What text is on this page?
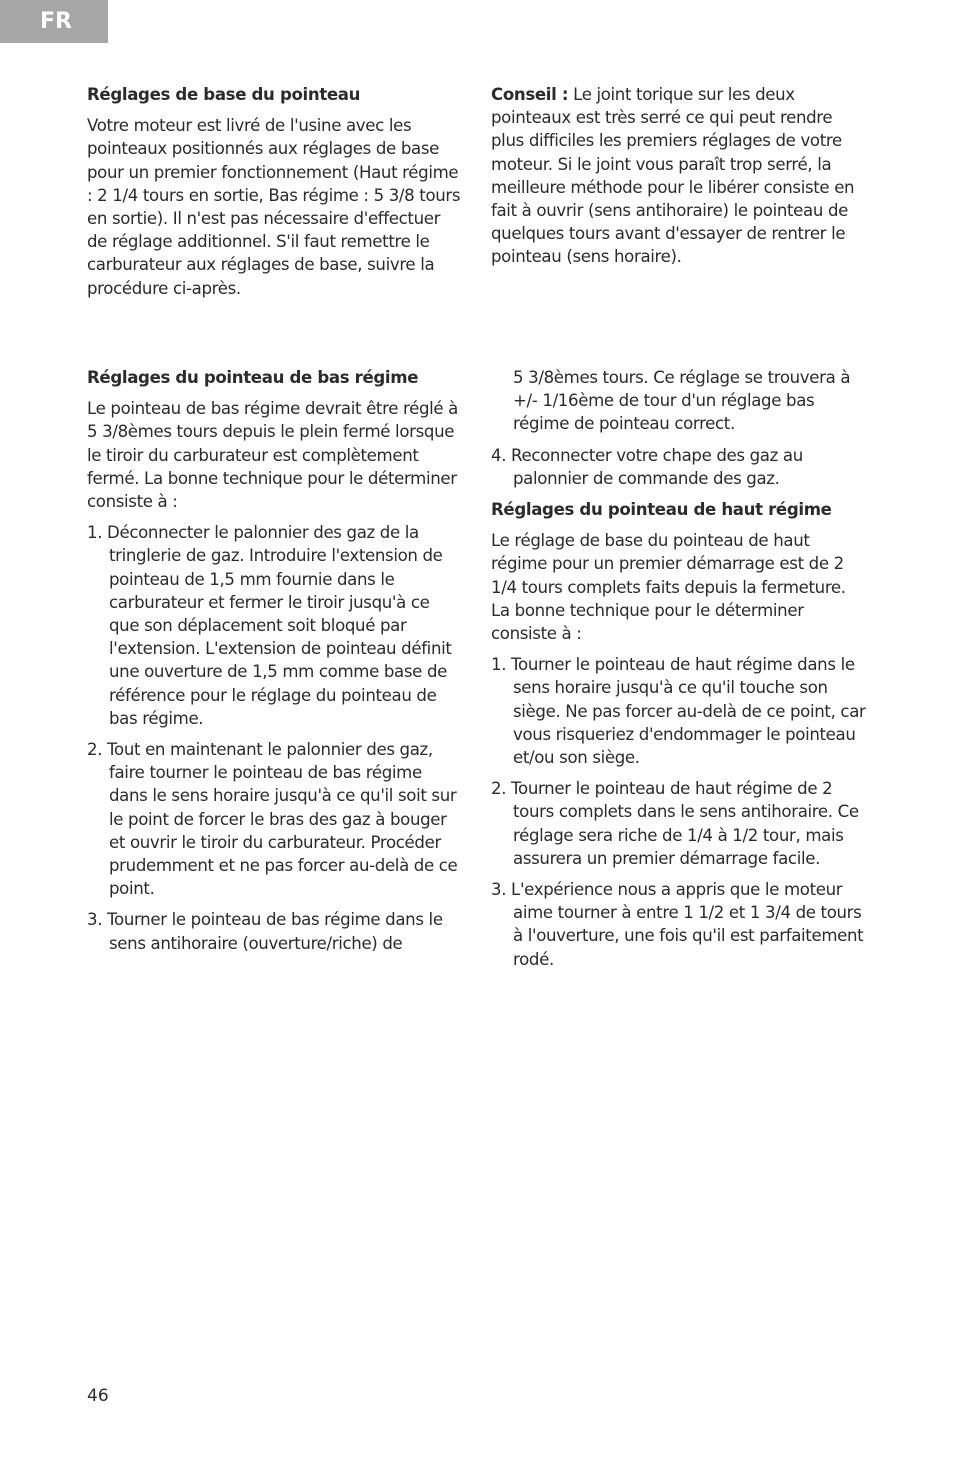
FR
Réglages de base du pointeau

Votre moteur est livré de l'usine avec les pointeaux positionnés aux réglages de base pour un premier fonctionnement (Haut régime : 2 1/4 tours en sortie, Bas régime : 5 3/8 tours en sortie). Il n'est pas nécessaire d'effectuer de réglage additionnel. S'il faut remettre le carburateur aux réglages de base, suivre la procédure ci-après.

Conseil : Le joint torique sur les deux pointeaux est très serré ce qui peut rendre plus difficiles les premiers réglages de votre moteur. Si le joint vous paraît trop serré, la meilleure méthode pour le libérer consiste en fait à ouvrir (sens antihoraire) le pointeau de quelques tours avant d'essayer de rentrer le pointeau (sens horaire).

Réglages du pointeau de bas régime

Le pointeau de bas régime devrait être réglé à 5 3/8èmes tours depuis le plein fermé lorsque le tiroir du carburateur est complètement fermé. La bonne technique pour le déterminer consiste à :

1. Déconnecter le palonnier des gaz de la tringlerie de gaz. Introduire l'extension de pointeau de 1,5 mm fournie dans le carburateur et fermer le tiroir jusqu'à ce que son déplacement soit bloqué par l'extension. L'extension de pointeau définit une ouverture de 1,5 mm comme base de référence pour le réglage du pointeau de bas régime.
2. Tout en maintenant le palonnier des gaz, faire tourner le pointeau de bas régime dans le sens horaire jusqu'à ce qu'il soit sur le point de forcer le bras des gaz à bouger et ouvrir le tiroir du carburateur. Procéder prudemment et ne pas forcer au-delà de ce point.
3. Tourner le pointeau de bas régime dans le sens antihoraire (ouverture/riche) de

5 3/8èmes tours. Ce réglage se trouvera à +/- 1/16ème de tour d'un réglage bas régime de pointeau correct.

4. Reconnecter votre chape des gaz au palonnier de commande des gaz.
Réglages du pointeau de haut régime

Le réglage de base du pointeau de haut régime pour un premier démarrage est de 2 1/4 tours complets faits depuis la fermeture. La bonne technique pour le déterminer consiste à :

1. Tourner le pointeau de haut régime dans le sens horaire jusqu'à ce qu'il touche son siège. Ne pas forcer au-delà de ce point, car vous risqueriez d'endommager le pointeau et/ou son siège.
2. Tourner le pointeau de haut régime de 2 tours complets dans le sens antihoraire. Ce réglage sera riche de 1/4 à 1/2 tour, mais assurera un premier démarrage facile.
3. L'expérience nous a appris que le moteur aime tourner à entre 1 1/2 et 1 3/4 de tours à l'ouverture, une fois qu'il est parfaitement rodé.
46
